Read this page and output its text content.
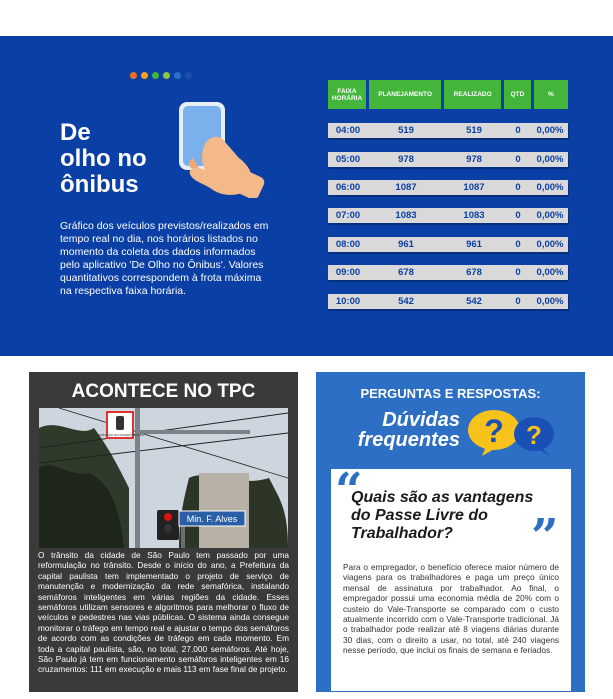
De
olho no
ônibus
Gráfico dos veículos previstos/realizados em tempo real no dia, nos horários listados no momento da coleta dos dados informados pelo aplicativo 'De Olho no Ônibus'. Valores quantitativos correspondem à frota máxima na respectiva faixa horária.
FAIXA HORÁRIA	PLANEJAMENTO	REALIZADO	QTD	%
04:00	519	519	0	0,00%
05:00	978	978	0	0,00%
06:00	1087	1087	0	0,00%
07:00	1083	1083	0	0,00%
08:00	961	961	0	0,00%
09:00	678	678	0	0,00%
10:00	542	542	0	0,00%
ACONTECE NO TPC
SEMÁFORO EM MODERNIZAÇÃO
Min. F. Alves
O trânsito da cidade de São Paulo tem passado por uma reformulação no trânsito. Desde o início do ano, a Prefeitura da capital paulista tem implementado o projeto de serviço de manutenção e modernização da rede semafórica, instalando semáforos inteligentes em várias regiões da cidade. Esses semáforos utilizam sensores e algoritmos para melhorar o fluxo de veículos e pedestres nas vias públicas. O sistema ainda consegue monitorar o tráfego em tempo real e ajustar o tempo dos semáforos de acordo com as condições de tráfego em cada momento. Em toda a capital paulista, são, no total, 27.000 semáforos. Até hoje, São Paulo já tem em funcionamento semáforos inteligentes em 16 cruzamentos: 111 em execução e mais 113 em fase final de projeto.
PERGUNTAS E RESPOSTAS:
Dúvidas
frequentes ? ?
“
Quais são as vantagens do Passe Livre do Trabalhador?	”
Para o empregador, o benefício oferece maior número de viagens para os trabalhadores e paga um preço único mensal de assinatura por trabalhador. Ao final, o empregador possui uma economia média de 20% com o custeio do Vale-Transporte se comparado com o custo atualmente incorrido com o Vale-Transporte tradicional. Já o trabalhador pode realizar até 8 viagens diárias durante 30 dias, com o direito a usar, no total, até 240 viagens nesse período, que inclui os finais de semana e feriados.
